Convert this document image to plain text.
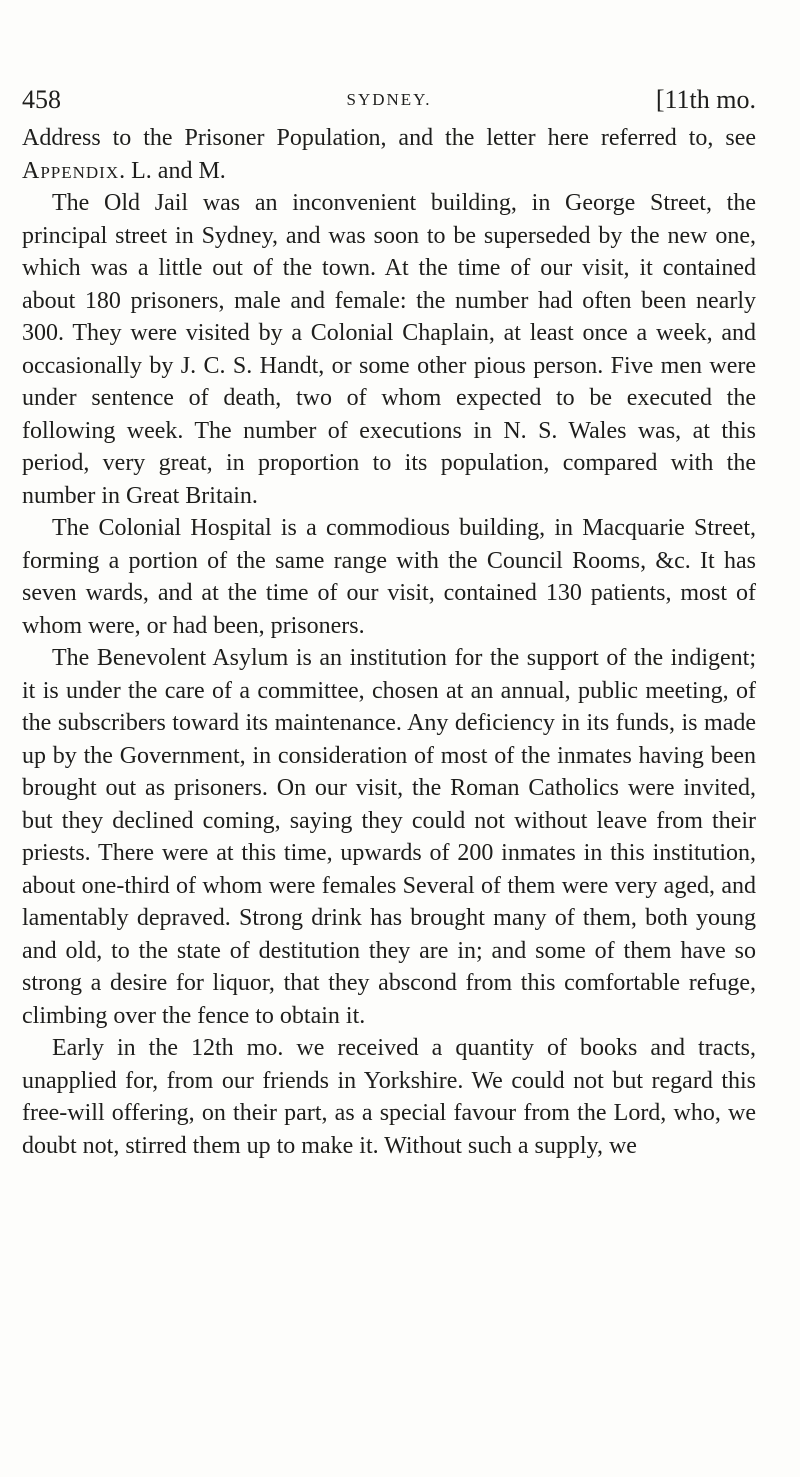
458	SYDNEY.	[11th mo.

Address to the Prisoner Population, and the letter here referred to, see Appendix. L. and M.

The Old Jail was an inconvenient building, in George Street, the principal street in Sydney, and was soon to be superseded by the new one, which was a little out of the town. At the time of our visit, it contained about 180 prisoners, male and female: the number had often been nearly 300. They were visited by a Colonial Chaplain, at least once a week, and occasionally by J. C. S. Handt, or some other pious person. Five men were under sentence of death, two of whom expected to be executed the following week. The number of executions in N. S. Wales was, at this period, very great, in proportion to its population, compared with the number in Great Britain.

The Colonial Hospital is a commodious building, in Macquarie Street, forming a portion of the same range with the Council Rooms, &c. It has seven wards, and at the time of our visit, contained 130 patients, most of whom were, or had been, prisoners.

The Benevolent Asylum is an institution for the support of the indigent; it is under the care of a committee, chosen at an annual, public meeting, of the subscribers toward its maintenance. Any deficiency in its funds, is made up by the Government, in consideration of most of the inmates having been brought out as prisoners. On our visit, the Roman Catholics were invited, but they declined coming, saying they could not without leave from their priests. There were at this time, upwards of 200 inmates in this institution, about one-third of whom were females Several of them were very aged, and lamentably depraved. Strong drink has brought many of them, both young and old, to the state of destitution they are in; and some of them have so strong a desire for liquor, that they abscond from this comfortable refuge, climbing over the fence to obtain it.

Early in the 12th mo. we received a quantity of books and tracts, unapplied for, from our friends in Yorkshire. We could not but regard this free-will offering, on their part, as a special favour from the Lord, who, we doubt not, stirred them up to make it. Without such a supply, we
